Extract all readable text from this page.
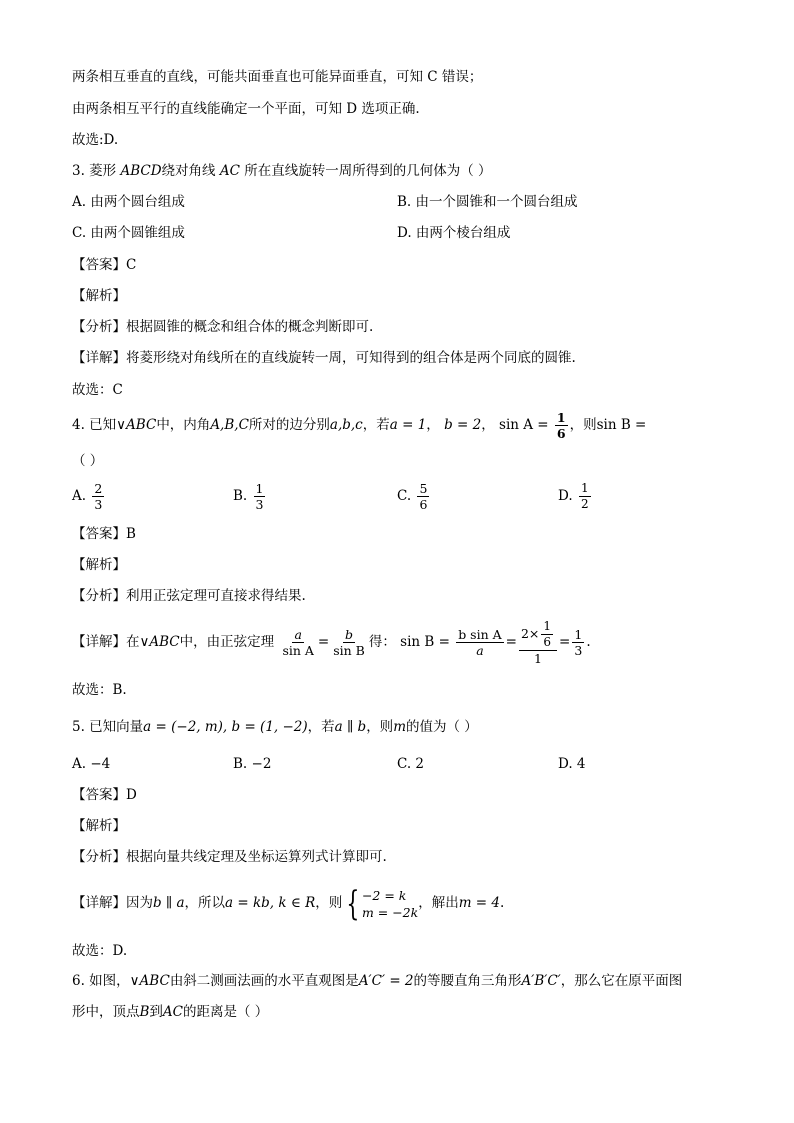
两条相互垂直的直线，可能共面垂直也可能异面垂直，可知 C 错误；
由两条相互平行的直线能确定一个平面，可知 D 选项正确.
故选:D.
3. 菱形 ABCD绕对角线 AC 所在直线旋转一周所得到的几何体为（ ）
A. 由两个圆台组成	B. 由一个圆锥和一个圆台组成
C. 由两个圆锥组成	D. 由两个棱台组成
【答案】C
【解析】
【分析】根据圆锥的概念和组合体的概念判断即可.
【详解】将菱形绕对角线所在的直线旋转一周，可知得到的组合体是两个同底的圆锥.
故选：C
4. 已知∨ABC中，内角A,B,C所对的边分别a,b,c，若a = 1， b = 2， $\sin A = \frac{1}{6}$ ，则sin B =
（ ）
A. $\frac{2}{3}$	B. $\frac{1}{3}$	C. $\frac{5}{6}$	D. $\frac{1}{2}$
【答案】B
【解析】
【分析】利用正弦定理可直接求得结果.
【详解】在∨ABC中，由正弦定理 $\frac{a}{\text{sin A}} = \frac{b}{\text{sin B}}$ 得： $\sin B = \frac{\text{b sin A}}{a} = \frac{2\times \frac{1}{6}}{1} = \frac{1}{3}$ .
故选：B.
5. 已知向量a = (−2, m), b = (1, −2)，若a ∥ b，则m的值为（ ）
A. −4	B. −2	C. 2	D. 4
【答案】D
【解析】
【分析】根据向量共线定理及坐标运算列式计算即可.
【详解】因为b ∥ a，所以a = kb, k ∈ R，则 { −2 = k
m = −2k
，解出m = 4.
故选：D.
6. 如图，∨ABC由斜二测画法画的水平直观图是A′C′ = 2的等腰直角三角形A′B′C′，那么它在原平面图
形中，顶点B到AC的距离是（ ）
